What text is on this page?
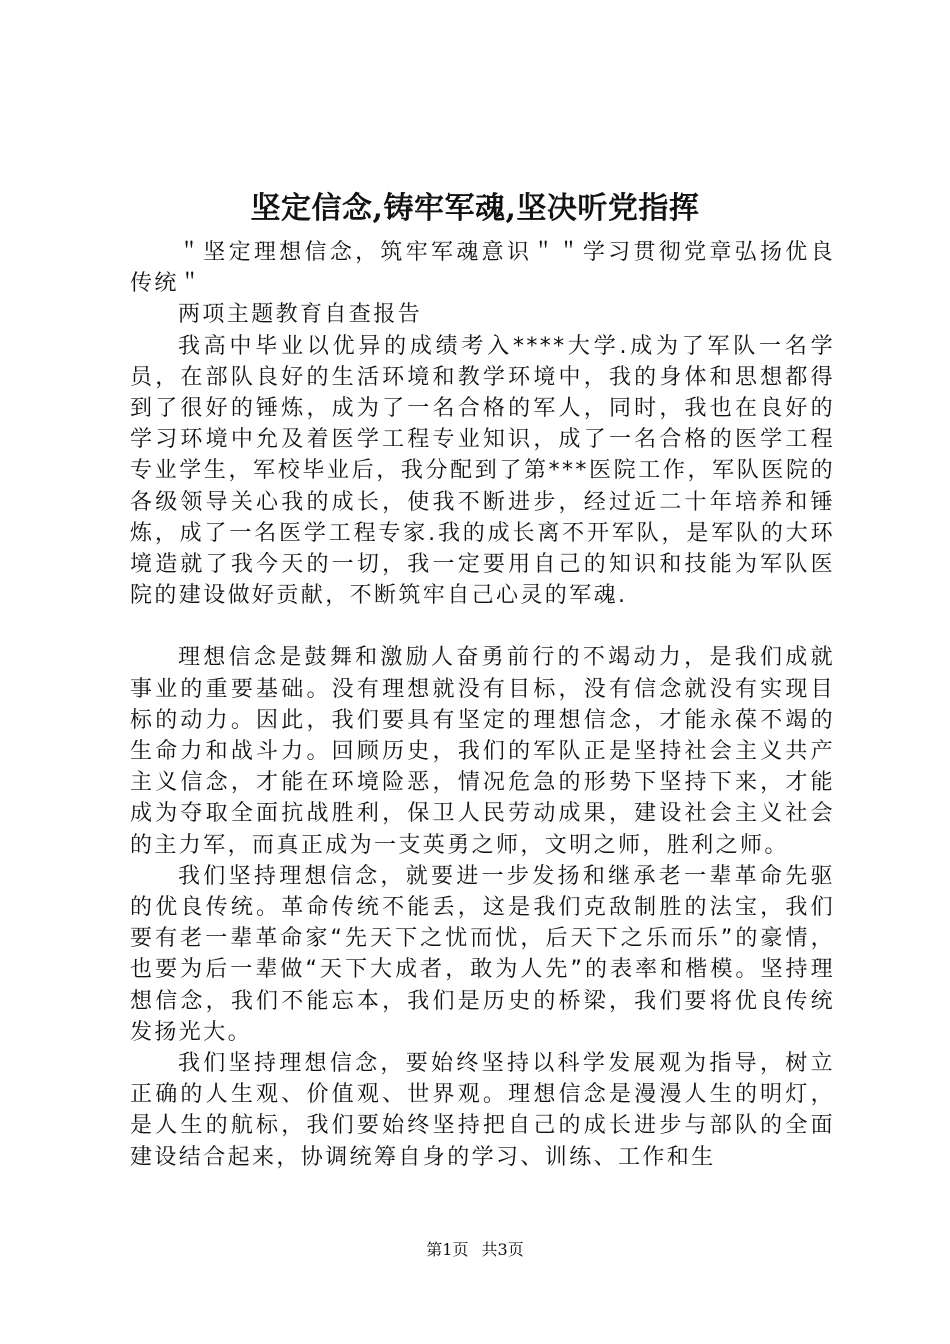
坚定信念,铸牢军魂,坚决听党指挥

＂坚定理想信念，筑牢军魂意识＂＂学习贯彻党章弘扬优良传统＂

两项主题教育自查报告

我高中毕业以优异的成绩考入****大学.成为了军队一名学员，在部队良好的生活环境和教学环境中，我的身体和思想都得到了很好的锤炼，成为了一名合格的军人，同时，我也在良好的学习环境中允及着医学工程专业知识，成了一名合格的医学工程专业学生，军校毕业后，我分配到了第***医院工作，军队医院的各级领导关心我的成长，使我不断进步，经过近二十年培养和锤炼，成了一名医学工程专家.我的成长离不开军队，是军队的大环境造就了我今天的一切，我一定要用自己的知识和技能为军队医院的建设做好贡献，不断筑牢自己心灵的军魂.

理想信念是鼓舞和激励人奋勇前行的不竭动力，是我们成就事业的重要基础。没有理想就没有目标，没有信念就没有实现目标的动力。因此，我们要具有坚定的理想信念，才能永葆不竭的生命力和战斗力。回顾历史，我们的军队正是坚持社会主义共产主义信念，才能在环境险恶，情况危急的形势下坚持下来，才能成为夺取全面抗战胜利，保卫人民劳动成果，建设社会主义社会的主力军，而真正成为一支英勇之师，文明之师，胜利之师。

我们坚持理想信念，就要进一步发扬和继承老一辈革命先驱的优良传统。革命传统不能丢，这是我们克敌制胜的法宝，我们要有老一辈革命家“先天下之忧而忧，后天下之乐而乐”的豪情，也要为后一辈做“天下大成者，敢为人先”的表率和楷模。坚持理想信念，我们不能忘本，我们是历史的桥梁，我们要将优良传统发扬光大。

我们坚持理想信念，要始终坚持以科学发展观为指导，树立正确的人生观、价值观、世界观。理想信念是漫漫人生的明灯，是人生的航标，我们要始终坚持把自己的成长进步与部队的全面建设结合起来，协调统筹自身的学习、训练、工作和生

第1页 共3页
